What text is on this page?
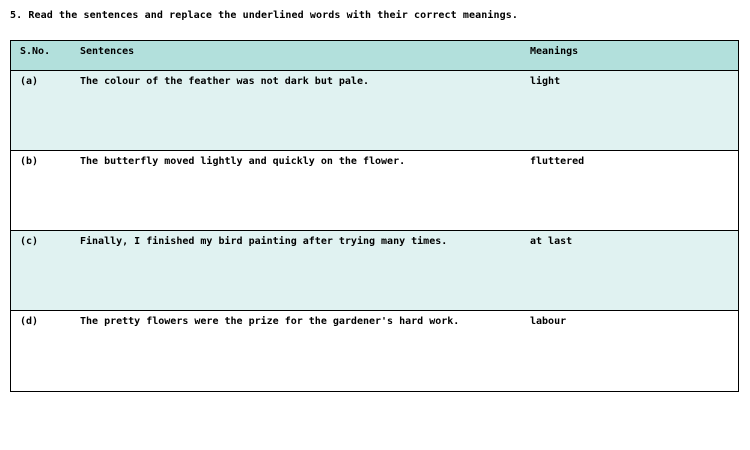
5. Read the sentences and replace the underlined words with their correct meanings.
S.No.	Sentences	Meanings
(a)	The colour of the feather was not dark but pale.	light
(b)	The butterfly moved lightly and quickly on the flower.	fluttered
(c)	Finally, I finished my bird painting after trying many times.	at last
(d)	The pretty flowers were the prize for the gardener's hard work.	labour
